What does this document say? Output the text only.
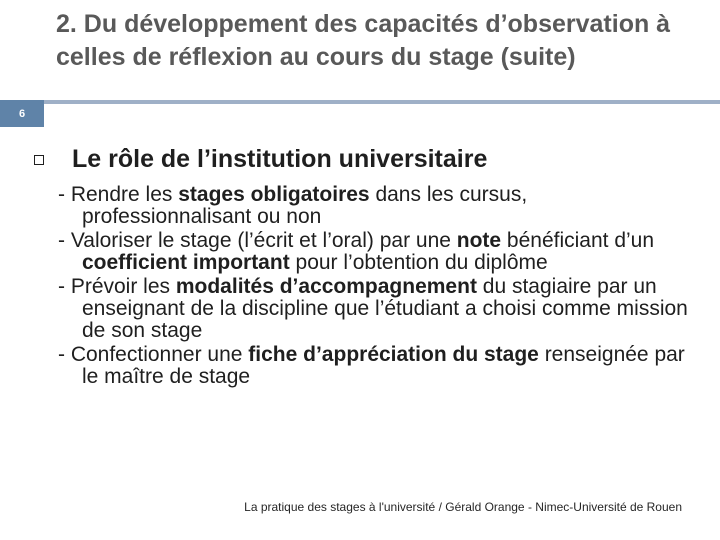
2. Du développement des capacités d’observation à celles de réflexion au cours du stage (suite)
6
Le rôle de l’institution universitaire

- Rendre les stages obligatoires dans les cursus, professionnalisant ou non

- Valoriser le stage (l’écrit et l’oral) par une note bénéficiant d’un coefficient important pour l’obtention du diplôme

- Prévoir les modalités d’accompagnement du stagiaire par un enseignant de la discipline que l’étudiant a choisi comme mission de son stage

- Confectionner une fiche d’appréciation du stage renseignée par le maître de stage

La pratique des stages à l'université / Gérald Orange - Nimec-Université de Rouen
